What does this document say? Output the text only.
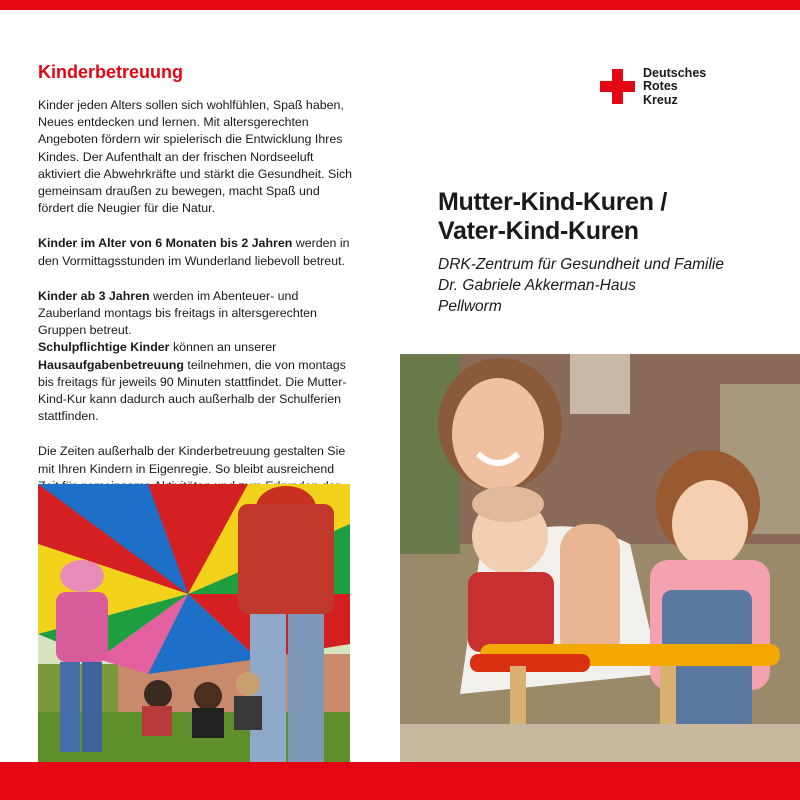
Kinderbetreuung

Kinder jeden Alters sollen sich wohlfühlen, Spaß haben, Neues entdecken und lernen. Mit altersgerechten Angeboten fördern wir spielerisch die Entwicklung Ihres Kindes. Der Aufenthalt an der frischen Nordseeluft aktiviert die Abwehrkräfte und stärkt die Gesundheit. Sich gemeinsam draußen zu bewegen, macht Spaß und fördert die Neugier für die Natur.

Kinder im Alter von 6 Monaten bis 2 Jahren werden in den Vormittagsstunden im Wunderland liebevoll betreut.

Kinder ab 3 Jahren werden im Abenteuer- und Zauberland montags bis freitags in altersgerechten Gruppen betreut.

Schulpflichtige Kinder können an unserer Hausaufgabenbetreuung teilnehmen, die von montags bis freitags für jeweils 90 Minuten stattfindet. Die Mutter-Kind-Kur kann dadurch auch außerhalb der Schulferien stattfinden.

Die Zeiten außerhalb der Kinderbetreuung gestalten Sie mit Ihren Kindern in Eigenregie. So bleibt ausreichend

Deutsches
Rotes
Kreuz
Mutter-Kind-Kuren /
Vater-Kind-Kuren
DRK-Zentrum für Gesundheit und Familie
Dr. Gabriele Akkerman-Haus
Pellworm
